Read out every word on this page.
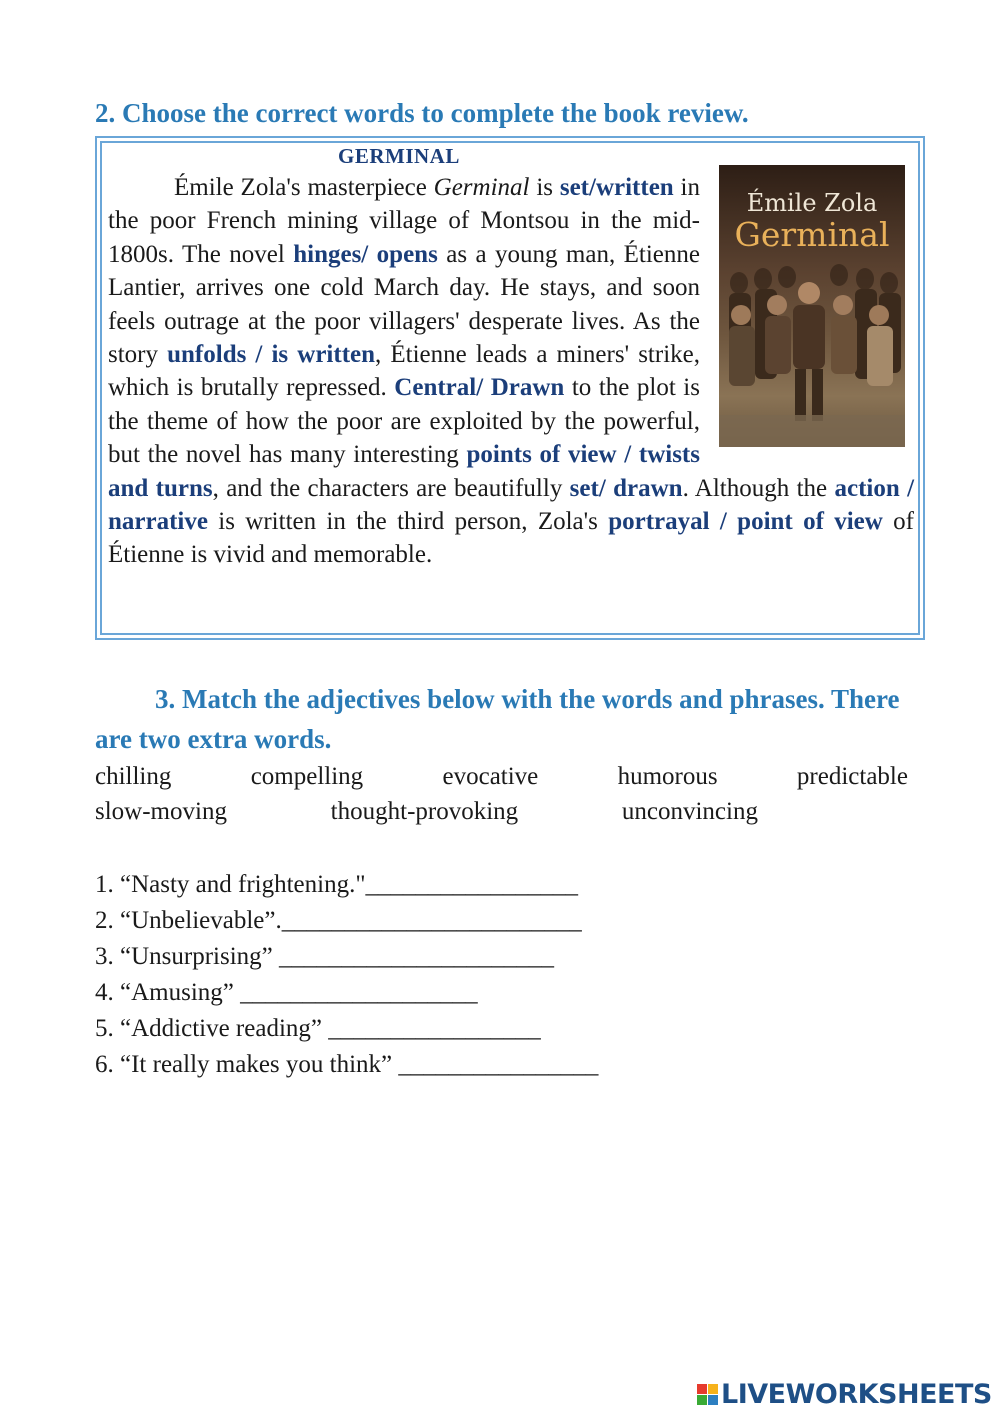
2. Choose the correct words to complete the book review.
GERMINAL
Émile Zola
Germinal

Émile Zola's masterpiece Germinal is set/written in the poor French mining village of Montsou in the mid-1800s. The novel hinges/ opens as a young man, Étienne Lantier, arrives one cold March day. He stays, and soon feels outrage at the poor villagers' desperate lives. As the story unfolds / is written, Étienne leads a miners' strike, which is brutally repressed. Central/ Drawn to the plot is the theme of how the poor are exploited by the powerful, but the novel has many interesting points of view / twists and turns, and the characters are beautifully set/ drawn. Although the action / narrative is written in the third person, Zola's portrayal / point of view of Étienne is vivid and memorable.

3. Match the adjectives below with the words and phrases. There are two extra words.
chilling	compelling	evocative	humorous	predictable
slow-moving	thought-provoking	unconvincing
1. “Nasty and frightening."_________________
2. “Unbelievable”.________________________
3. “Unsurprising” ______________________
4. “Amusing” ___________________
5. “Addictive reading” _________________
6. “It really makes you think” ________________
LIVEWORKSHEETS
